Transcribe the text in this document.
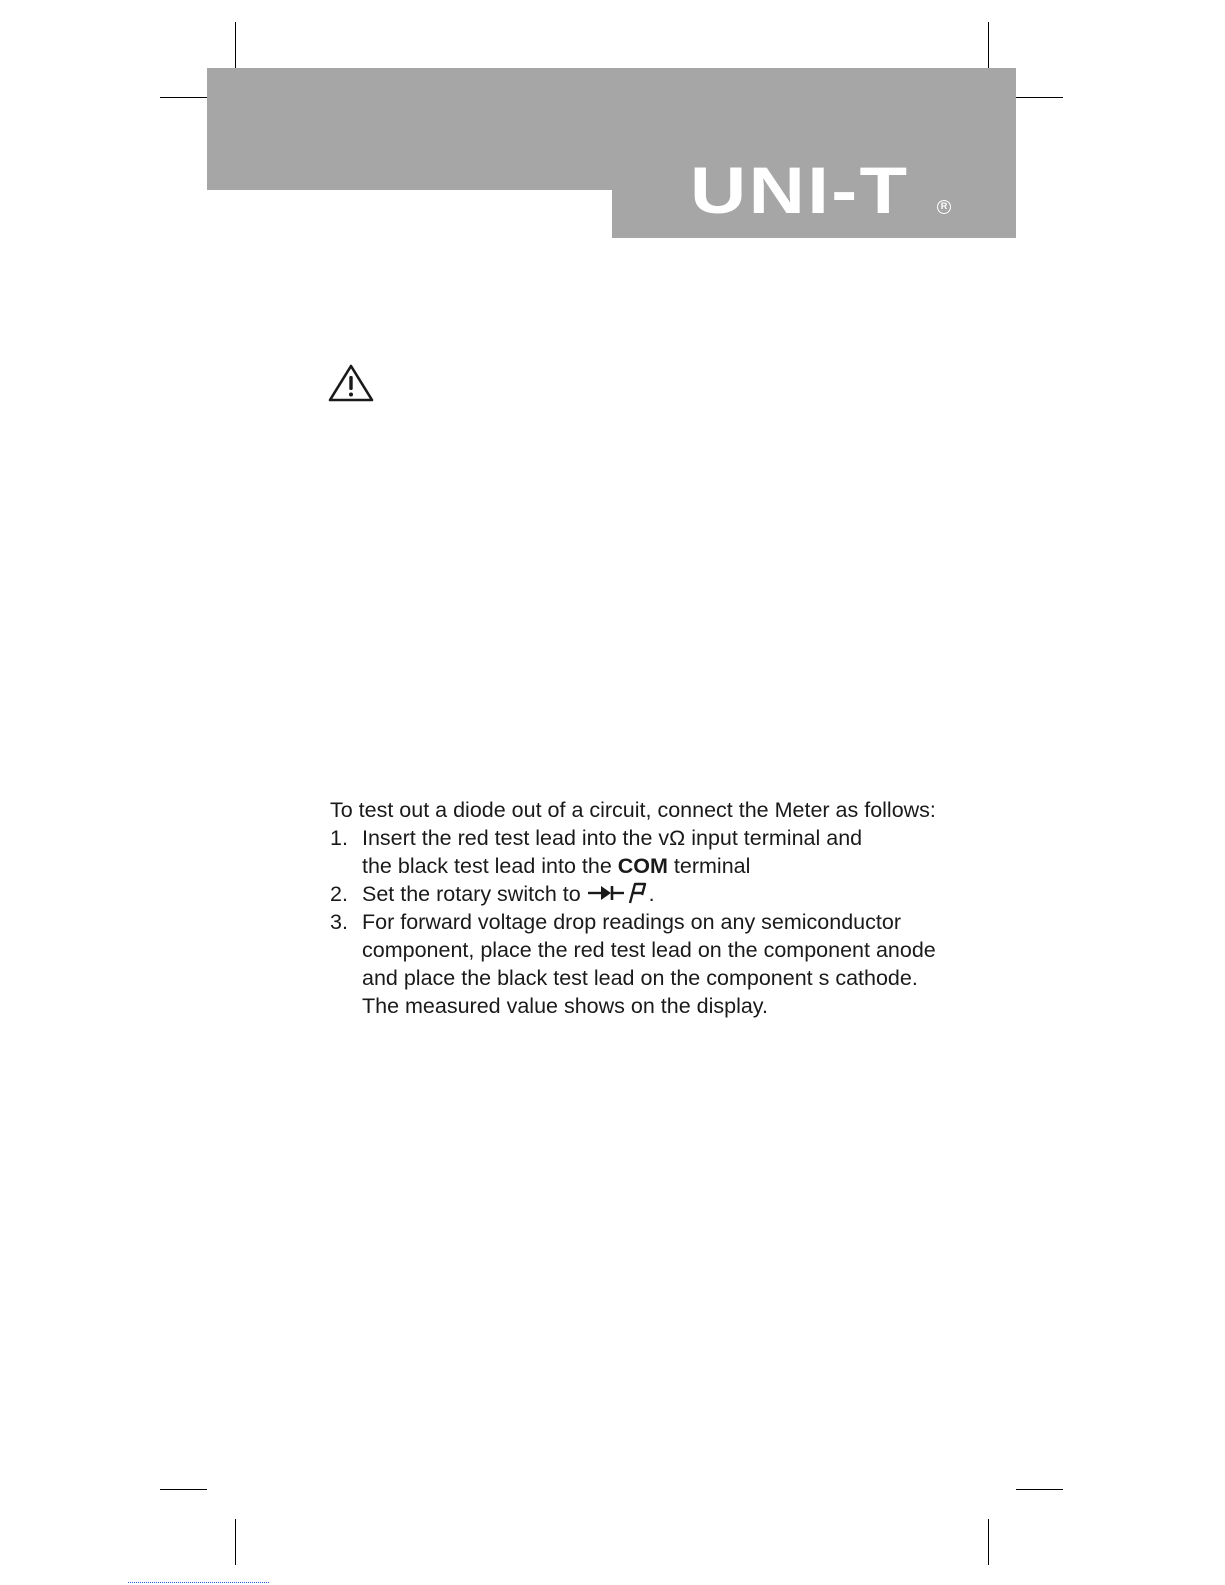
UNI-T	R

To test out a diode out of a circuit, connect the Meter as follows:

1. Insert the red test lead into the vΩ input terminal and
the black test lead into the COM terminal
2. Set the rotary switch to	.
3. For forward voltage drop readings on any semiconductor component, place the red test lead on the component anode and place the black test lead on the component s cathode.
The measured value shows on the display.
